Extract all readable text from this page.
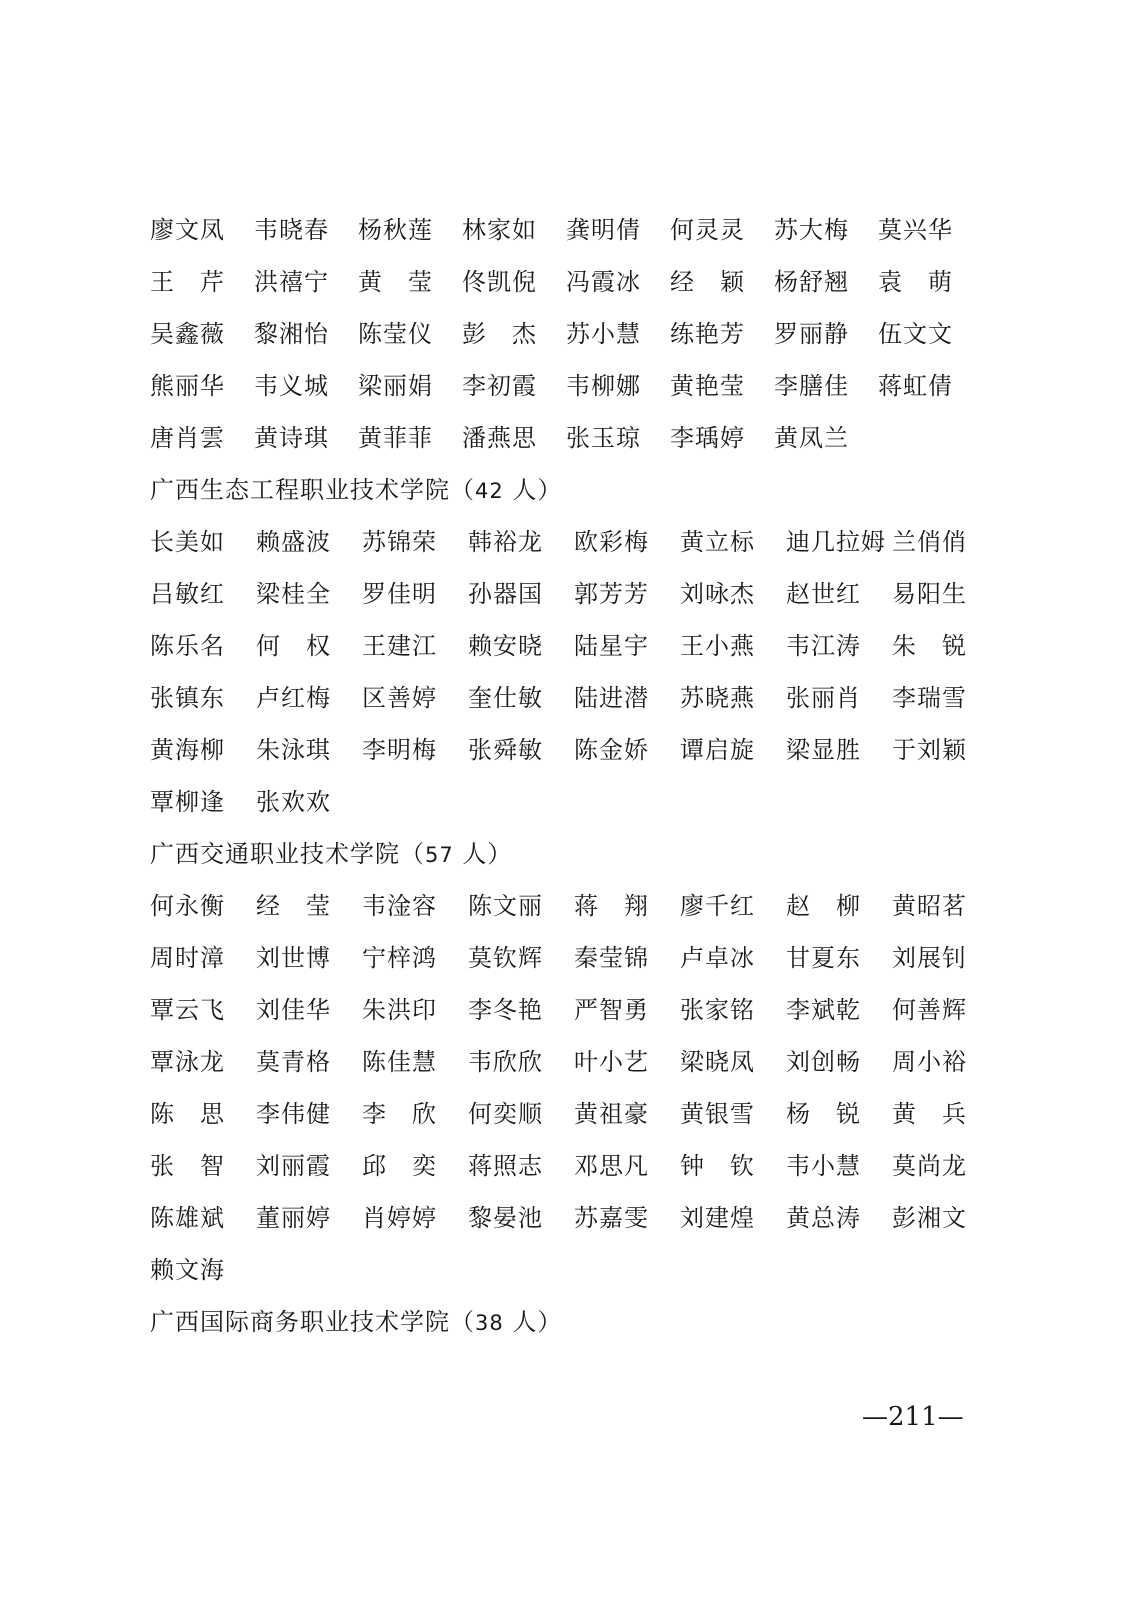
廖文凤	韦晓春	杨秋莲	林家如	龚明倩	何灵灵	苏大梅	莫兴华
王　芹	洪禧宁	黄　莹	佟凯倪	冯霞冰	经　颖	杨舒翘	袁　萌
吴鑫薇	黎湘怡	陈莹仪	彭　杰	苏小慧	练艳芳	罗丽静	伍文文
熊丽华	韦义城	梁丽娟	李初霞	韦柳娜	黄艳莹	李膳佳	蒋虹倩
唐肖雲	黄诗琪	黄菲菲	潘燕思	张玉琼	李瑀婷	黄凤兰
广西生态工程职业技术学院（42 人）
长美如	赖盛波	苏锦荣	韩裕龙	欧彩梅	黄立标	迪几拉姆 兰俏俏
吕敏红	梁桂全	罗佳明	孙器国	郭芳芳	刘咏杰	赵世红	易阳生
陈乐名	何　权	王建江	赖安晓	陆星宇	王小燕	韦江涛	朱　锐
张镇东	卢红梅	区善婷	奎仕敏	陆进潜	苏晓燕	张丽肖	李瑞雪
黄海柳	朱泳琪	李明梅	张舜敏	陈金娇	谭启旋	梁显胜	于刘颖
覃柳逢	张欢欢
广西交通职业技术学院（57 人）
何永衡	经　莹	韦淦容	陈文丽	蒋　翔	廖千红	赵　柳	黄昭茗
周时漳	刘世博	宁梓鸿	莫钦辉	秦莹锦	卢卓冰	甘夏东	刘展钊
覃云飞	刘佳华	朱洪印	李冬艳	严智勇	张家铭	李斌乾	何善辉
覃泳龙	莫青格	陈佳慧	韦欣欣	叶小艺	梁晓凤	刘创畅	周小裕
陈　思	李伟健	李　欣	何奕顺	黄祖豪	黄银雪	杨　锐	黄　兵
张　智	刘丽霞	邱　奕	蒋照志	邓思凡	钟　钦	韦小慧	莫尚龙
陈雄斌	董丽婷	肖婷婷	黎晏池	苏嘉雯	刘建煌	黄总涛	彭湘文
赖文海
广西国际商务职业技术学院（38 人）
—211—
